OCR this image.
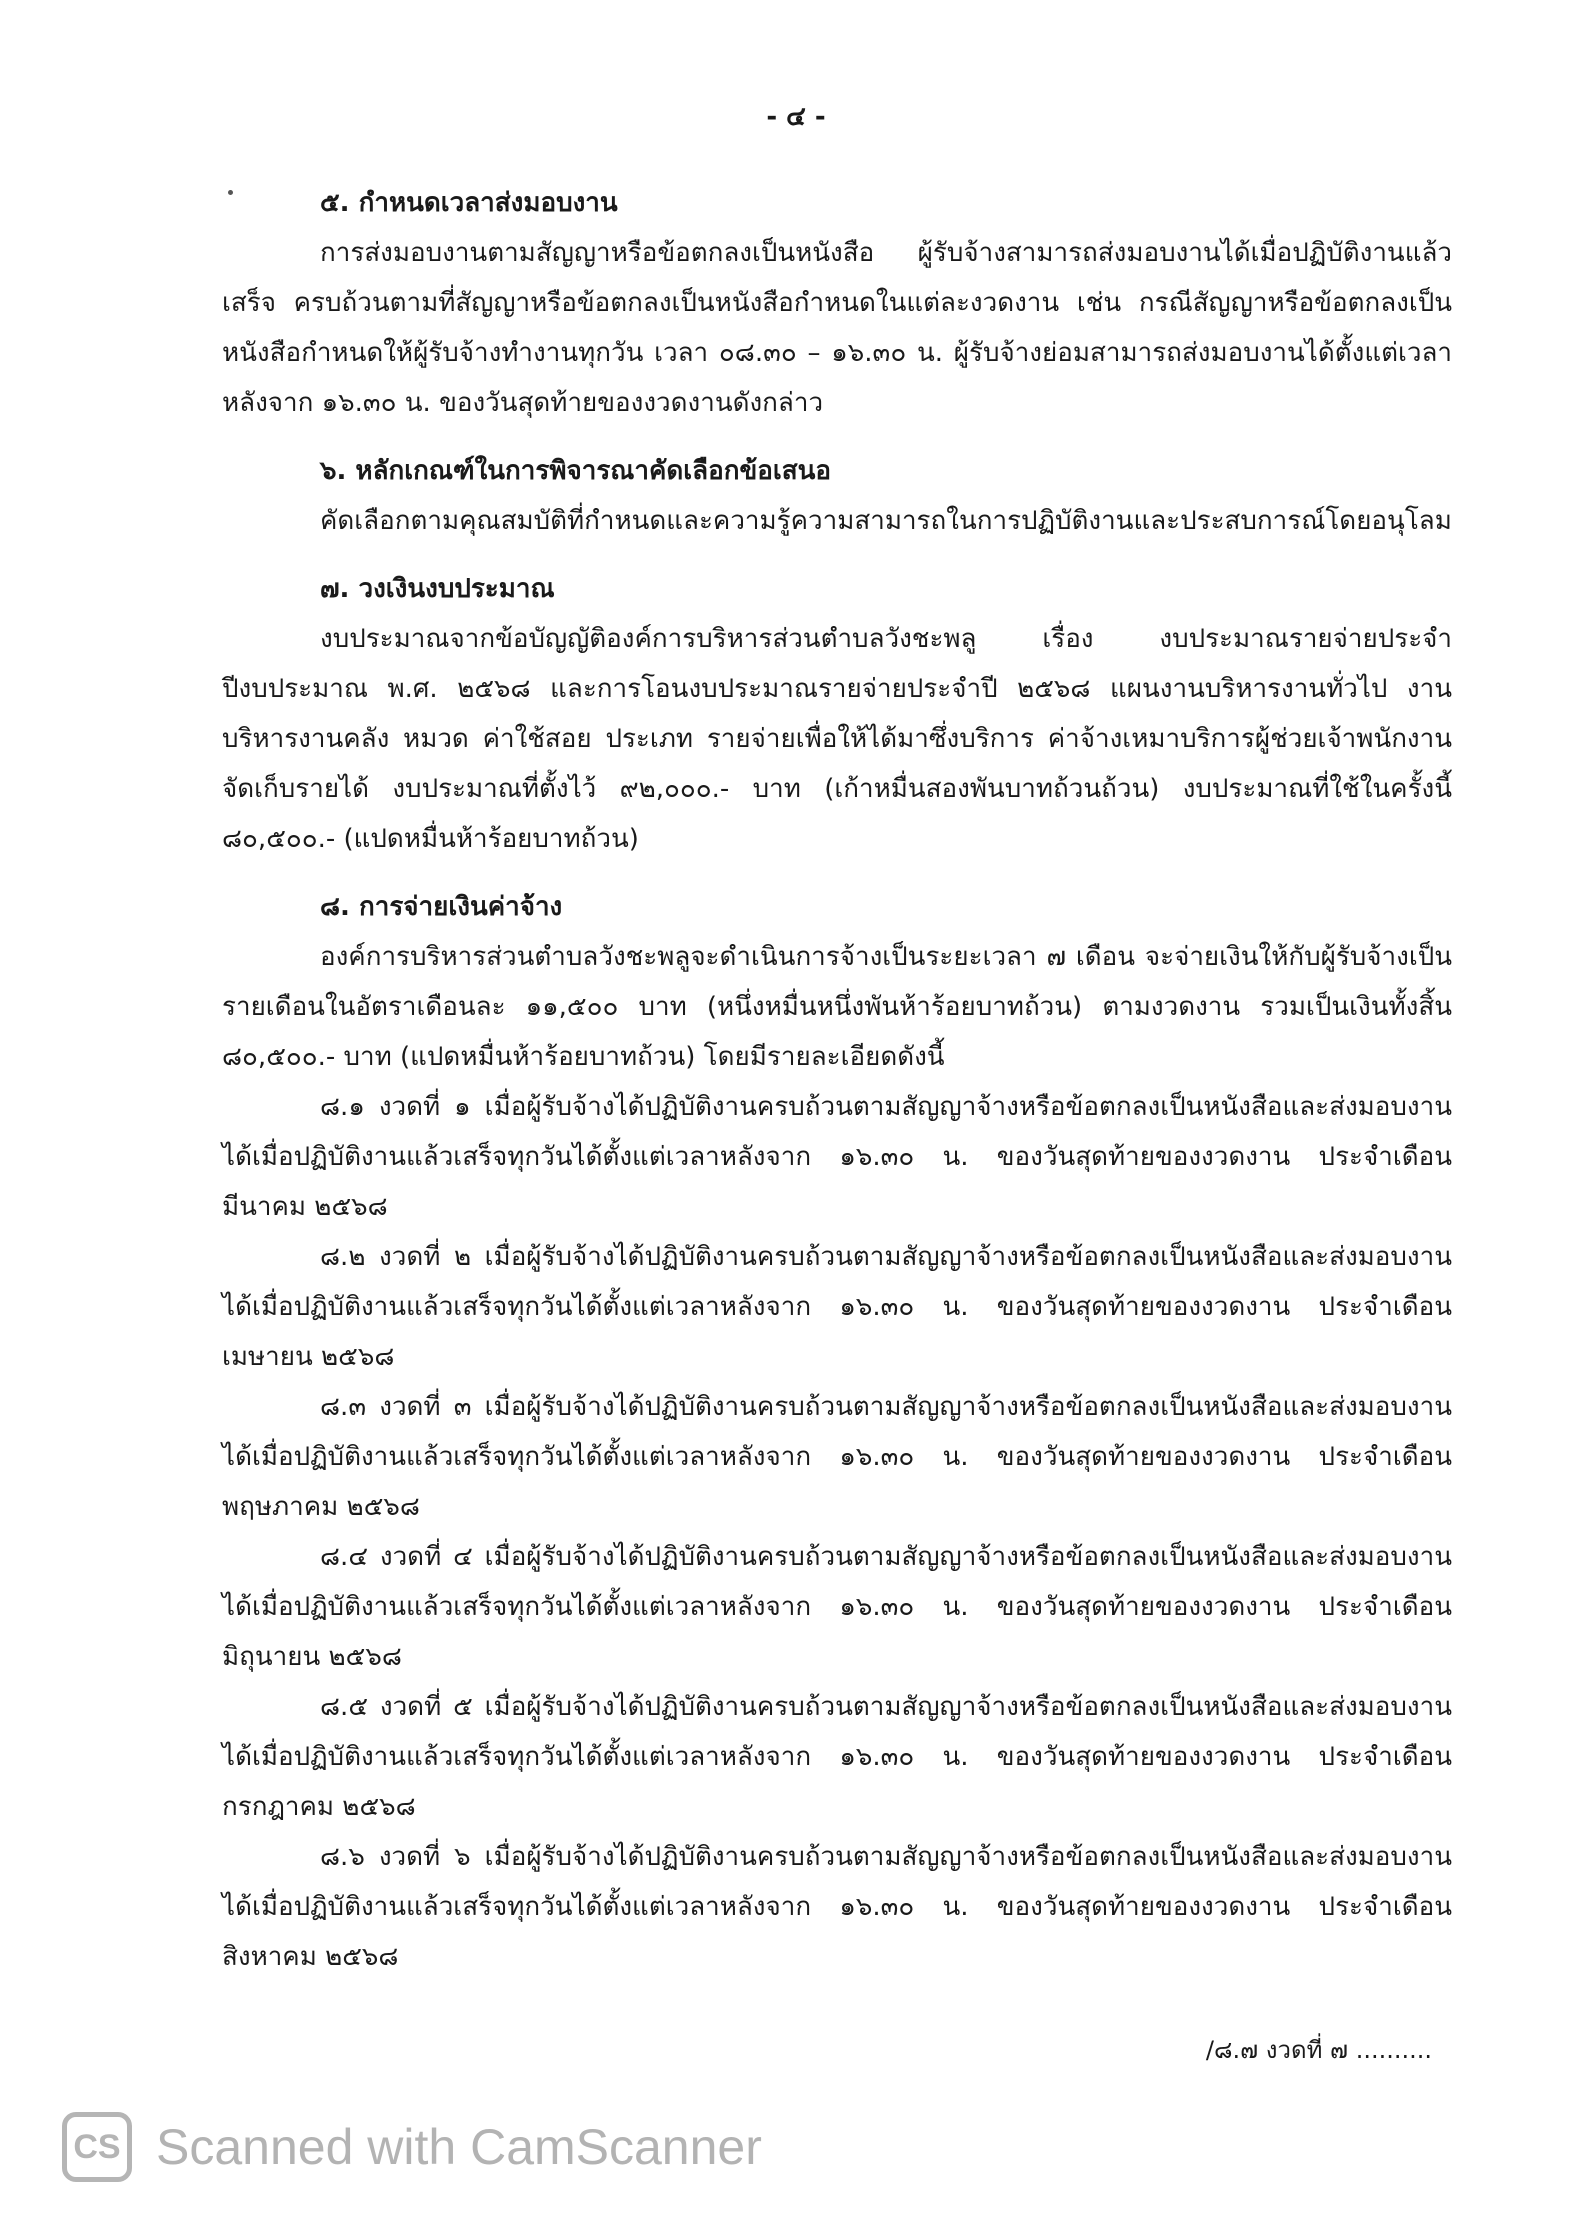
- ๔ -

๕. กำหนดเวลาส่งมอบงาน

การส่งมอบงานตามสัญญาหรือข้อตกลงเป็นหนังสือ ผู้รับจ้างสามารถส่งมอบงานได้เมื่อปฏิบัติงานแล้วเสร็จ ครบถ้วนตามที่สัญญาหรือข้อตกลงเป็นหนังสือกำหนดในแต่ละงวดงาน เช่น กรณีสัญญาหรือข้อตกลงเป็นหนังสือกำหนดให้ผู้รับจ้างทำงานทุกวัน เวลา ๐๘.๓๐ – ๑๖.๓๐ น. ผู้รับจ้างย่อมสามารถส่งมอบงานได้ตั้งแต่เวลาหลังจาก ๑๖.๓๐ น. ของวันสุดท้ายของงวดงานดังกล่าว

๖. หลักเกณฑ์ในการพิจารณาคัดเลือกข้อเสนอ

คัดเลือกตามคุณสมบัติที่กำหนดและความรู้ความสามารถในการปฏิบัติงานและประสบการณ์โดยอนุโลม

๗. วงเงินงบประมาณ

งบประมาณจากข้อบัญญัติองค์การบริหารส่วนตำบลวังชะพลู เรื่อง งบประมาณรายจ่ายประจำปีงบประมาณ พ.ศ. ๒๕๖๘ และการโอนงบประมาณรายจ่ายประจำปี ๒๕๖๘ แผนงานบริหารงานทั่วไป งานบริหารงานคลัง หมวด ค่าใช้สอย ประเภท รายจ่ายเพื่อให้ได้มาซึ่งบริการ ค่าจ้างเหมาบริการผู้ช่วยเจ้าพนักงานจัดเก็บรายได้ งบประมาณที่ตั้งไว้ ๙๒,๐๐๐.- บาท (เก้าหมื่นสองพันบาทถ้วนถ้วน) งบประมาณที่ใช้ในครั้งนี้ ๘๐,๕๐๐.- (แปดหมื่นห้าร้อยบาทถ้วน)

๘. การจ่ายเงินค่าจ้าง

องค์การบริหารส่วนตำบลวังชะพลูจะดำเนินการจ้างเป็นระยะเวลา ๗ เดือน จะจ่ายเงินให้กับผู้รับจ้างเป็นรายเดือนในอัตราเดือนละ ๑๑,๕๐๐ บาท (หนึ่งหมื่นหนึ่งพันห้าร้อยบาทถ้วน) ตามงวดงาน รวมเป็นเงินทั้งสิ้น ๘๐,๕๐๐.- บาท (แปดหมื่นห้าร้อยบาทถ้วน) โดยมีรายละเอียดดังนี้

๘.๑ งวดที่ ๑ เมื่อผู้รับจ้างได้ปฏิบัติงานครบถ้วนตามสัญญาจ้างหรือข้อตกลงเป็นหนังสือและส่งมอบงานได้เมื่อปฏิบัติงานแล้วเสร็จทุกวันได้ตั้งแต่เวลาหลังจาก ๑๖.๓๐ น. ของวันสุดท้ายของงวดงาน ประจำเดือนมีนาคม ๒๕๖๘

๘.๒ งวดที่ ๒ เมื่อผู้รับจ้างได้ปฏิบัติงานครบถ้วนตามสัญญาจ้างหรือข้อตกลงเป็นหนังสือและส่งมอบงานได้เมื่อปฏิบัติงานแล้วเสร็จทุกวันได้ตั้งแต่เวลาหลังจาก ๑๖.๓๐ น. ของวันสุดท้ายของงวดงาน ประจำเดือนเมษายน ๒๕๖๘

๘.๓ งวดที่ ๓ เมื่อผู้รับจ้างได้ปฏิบัติงานครบถ้วนตามสัญญาจ้างหรือข้อตกลงเป็นหนังสือและส่งมอบงานได้เมื่อปฏิบัติงานแล้วเสร็จทุกวันได้ตั้งแต่เวลาหลังจาก ๑๖.๓๐ น. ของวันสุดท้ายของงวดงาน ประจำเดือนพฤษภาคม ๒๕๖๘

๘.๔ งวดที่ ๔ เมื่อผู้รับจ้างได้ปฏิบัติงานครบถ้วนตามสัญญาจ้างหรือข้อตกลงเป็นหนังสือและส่งมอบงานได้เมื่อปฏิบัติงานแล้วเสร็จทุกวันได้ตั้งแต่เวลาหลังจาก ๑๖.๓๐ น. ของวันสุดท้ายของงวดงาน ประจำเดือนมิถุนายน ๒๕๖๘

๘.๕ งวดที่ ๕ เมื่อผู้รับจ้างได้ปฏิบัติงานครบถ้วนตามสัญญาจ้างหรือข้อตกลงเป็นหนังสือและส่งมอบงานได้เมื่อปฏิบัติงานแล้วเสร็จทุกวันได้ตั้งแต่เวลาหลังจาก ๑๖.๓๐ น. ของวันสุดท้ายของงวดงาน ประจำเดือนกรกฎาคม ๒๕๖๘

๘.๖ งวดที่ ๖ เมื่อผู้รับจ้างได้ปฏิบัติงานครบถ้วนตามสัญญาจ้างหรือข้อตกลงเป็นหนังสือและส่งมอบงานได้เมื่อปฏิบัติงานแล้วเสร็จทุกวันได้ตั้งแต่เวลาหลังจาก ๑๖.๓๐ น. ของวันสุดท้ายของงวดงาน ประจำเดือนสิงหาคม ๒๕๖๘

/๘.๗ งวดที่ ๗ ..........
CS Scanned with CamScanner
